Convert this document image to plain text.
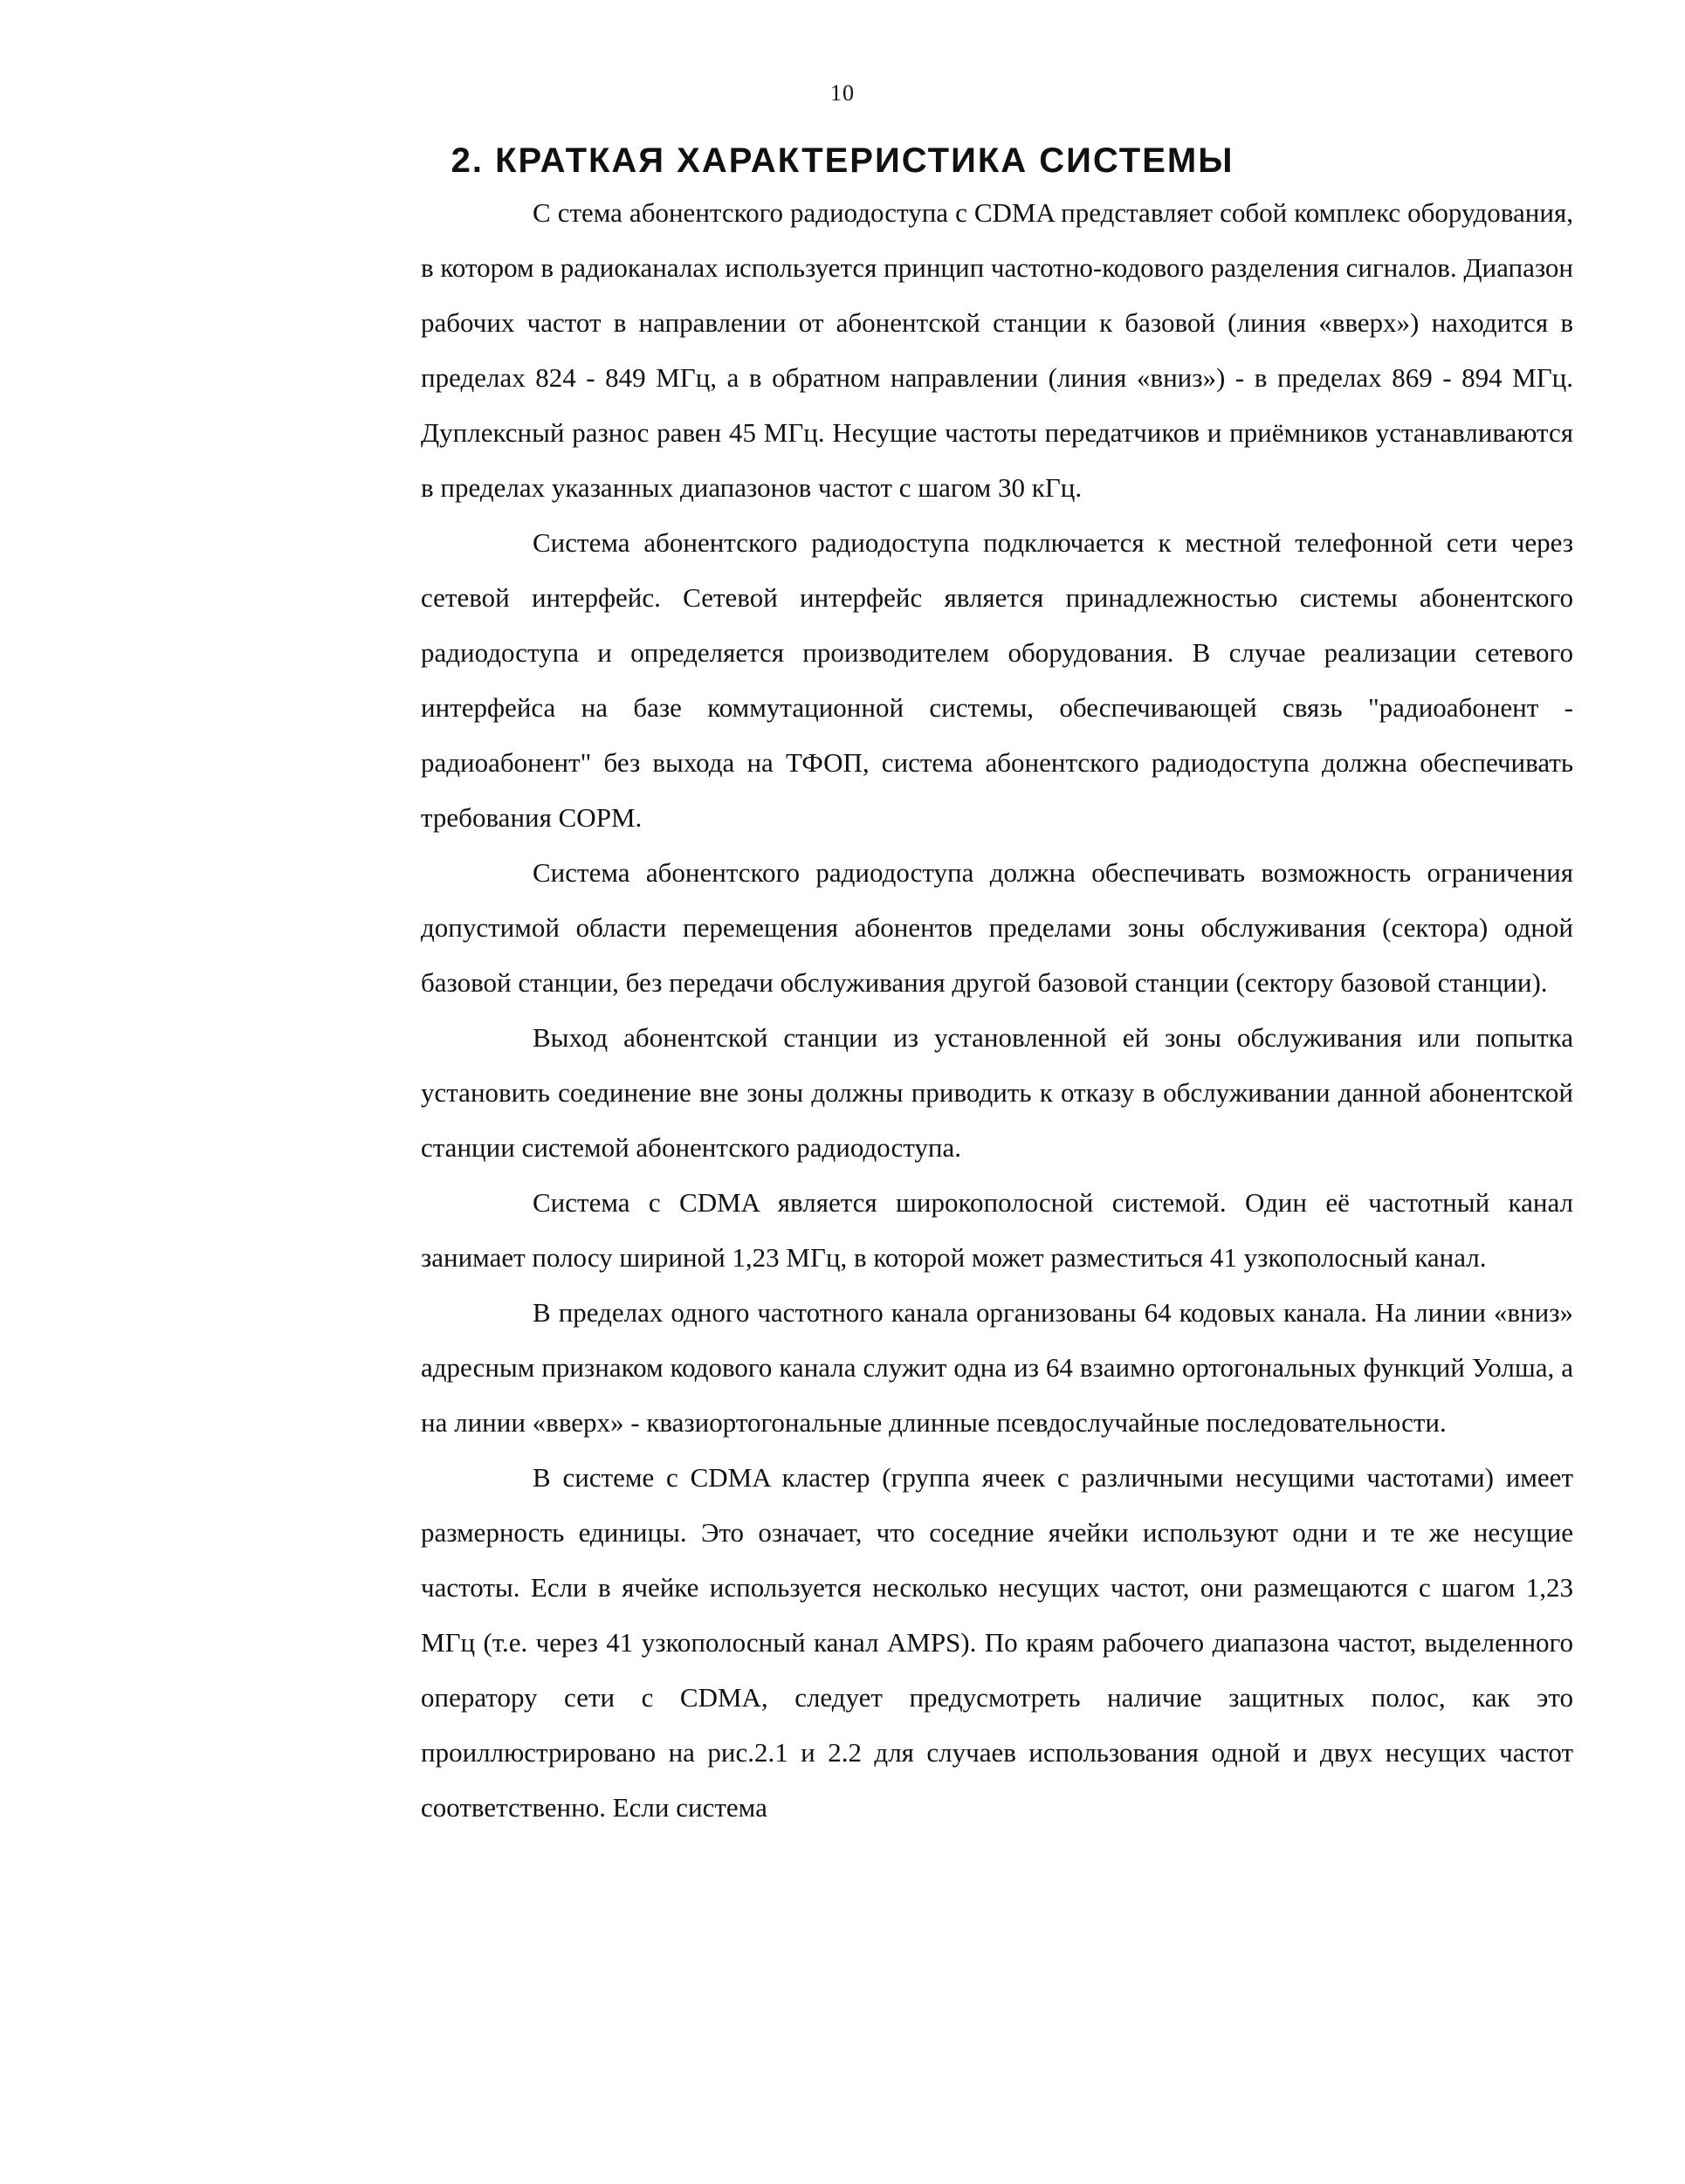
10
2. КРАТКАЯ ХАРАКТЕРИСТИКА СИСТЕМЫ

С стема абонентского радиодоступа с CDMA представляет собой комплекс оборудования, в котором в радиоканалах используется принцип частотно-кодового разделения сигналов. Диапазон рабочих частот в направлении от абонентской станции к базовой (линия «вверх») находится в пределах 824 - 849 МГц, а в обратном направлении (линия «вниз») - в пределах 869 - 894 МГц. Дуплексный разнос равен 45 МГц. Несущие частоты передатчиков и приёмников устанавливаются в пределах указанных диапазонов частот с шагом 30 кГц.

Система абонентского радиодоступа подключается к местной телефонной сети через сетевой интерфейс. Сетевой интерфейс является принадлежностью системы абонентского радиодоступа и определяется производителем оборудования. В случае реализации сетевого интерфейса на базе коммутационной системы, обеспечивающей связь "радиоабонент - радиоабонент" без выхода на ТФОП, система абонентского радиодоступа должна обеспечивать требования СОРМ.

Система абонентского радиодоступа должна обеспечивать возможность ограничения допустимой области перемещения абонентов пределами зоны обслуживания (сектора) одной базовой станции, без передачи обслуживания другой базовой станции (сектору базовой станции).

Выход абонентской станции из установленной ей зоны обслуживания или попытка установить соединение вне зоны должны приводить к отказу в обслуживании данной абонентской станции системой абонентского радиодоступа.

Система с CDMA является широкополосной системой. Один её частотный канал занимает полосу шириной 1,23 МГц, в которой может разместиться 41 узкополосный канал.

В пределах одного частотного канала организованы 64 кодовых канала. На линии «вниз» адресным признаком кодового канала служит одна из 64 взаимно ортогональных функций Уолша, а на линии «вверх» - квазиортогональные длинные псевдослучайные последовательности.

В системе с CDMA кластер (группа ячеек с различными несущими частотами) имеет размерность единицы. Это означает, что соседние ячейки используют одни и те же несущие частоты. Если в ячейке используется несколько несущих частот, они размещаются с шагом 1,23 МГц (т.е. через 41 узкополосный канал AMPS). По краям рабочего диапазона частот, выделенного оператору сети с CDMA, следует предусмотреть наличие защитных полос, как это проиллюстрировано на рис.2.1 и 2.2 для случаев использования одной и двух несущих частот соответственно. Если система
